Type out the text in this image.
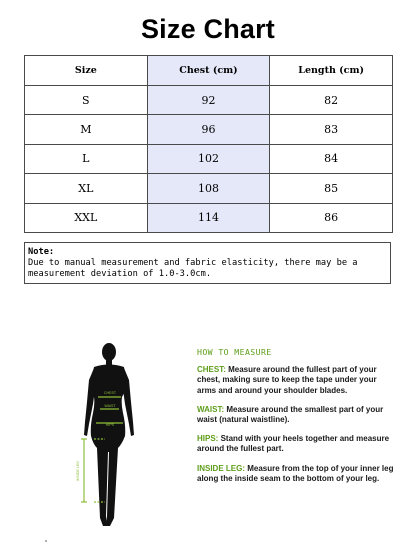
Size Chart
Size	Chest (cm)	Length (cm)
S	92	82
M	96	83
L	102	84
XL	108	85
XXL	114	86
Note:
Due to manual measurement and fabric elasticity, there may be a measurement deviation of 1.0-3.0cm.
CHEST
WAIST
HIPS
INSIDE LEG
HOW TO MEASURE
CHEST: Measure around the fullest part of your chest, making sure to keep the tape under your arms and around your shoulder blades.
WAIST: Measure around the smallest part of your waist (natural waistline).
HIPS: Stand with your heels together and measure around the fullest part.
INSIDE LEG: Measure from the top of your inner leg along the inside seam to the bottom of your leg.
